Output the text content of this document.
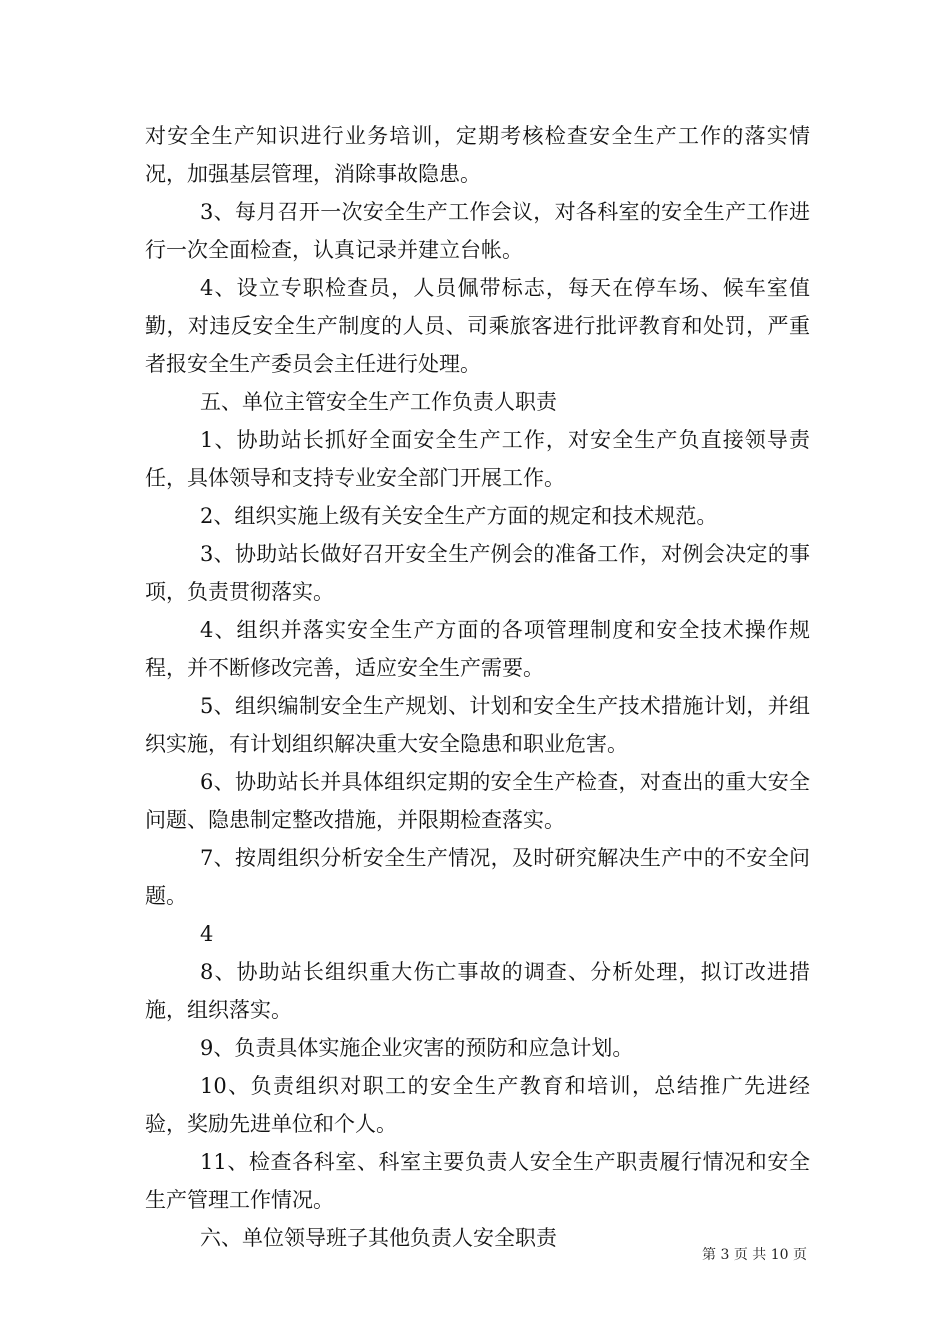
对安全生产知识进行业务培训，定期考核检查安全生产工作的落实情况，加强基层管理，消除事故隐患。

3、每月召开一次安全生产工作会议，对各科室的安全生产工作进行一次全面检查，认真记录并建立台帐。

4、设立专职检查员，人员佩带标志，每天在停车场、候车室值勤，对违反安全生产制度的人员、司乘旅客进行批评教育和处罚，严重者报安全生产委员会主任进行处理。

五、单位主管安全生产工作负责人职责

1、协助站长抓好全面安全生产工作，对安全生产负直接领导责任，具体领导和支持专业安全部门开展工作。

2、组织实施上级有关安全生产方面的规定和技术规范。

3、协助站长做好召开安全生产例会的准备工作，对例会决定的事项，负责贯彻落实。

4、组织并落实安全生产方面的各项管理制度和安全技术操作规程，并不断修改完善，适应安全生产需要。

5、组织编制安全生产规划、计划和安全生产技术措施计划，并组织实施，有计划组织解决重大安全隐患和职业危害。

6、协助站长并具体组织定期的安全生产检查，对查出的重大安全问题、隐患制定整改措施，并限期检查落实。

7、按周组织分析安全生产情况，及时研究解决生产中的不安全问题。

4

8、协助站长组织重大伤亡事故的调查、分析处理，拟订改进措施，组织落实。

9、负责具体实施企业灾害的预防和应急计划。

10、负责组织对职工的安全生产教育和培训，总结推广先进经验，奖励先进单位和个人。

11、检查各科室、科室主要负责人安全生产职责履行情况和安全生产管理工作情况。

六、单位领导班子其他负责人安全职责

第 3 页 共 10 页
